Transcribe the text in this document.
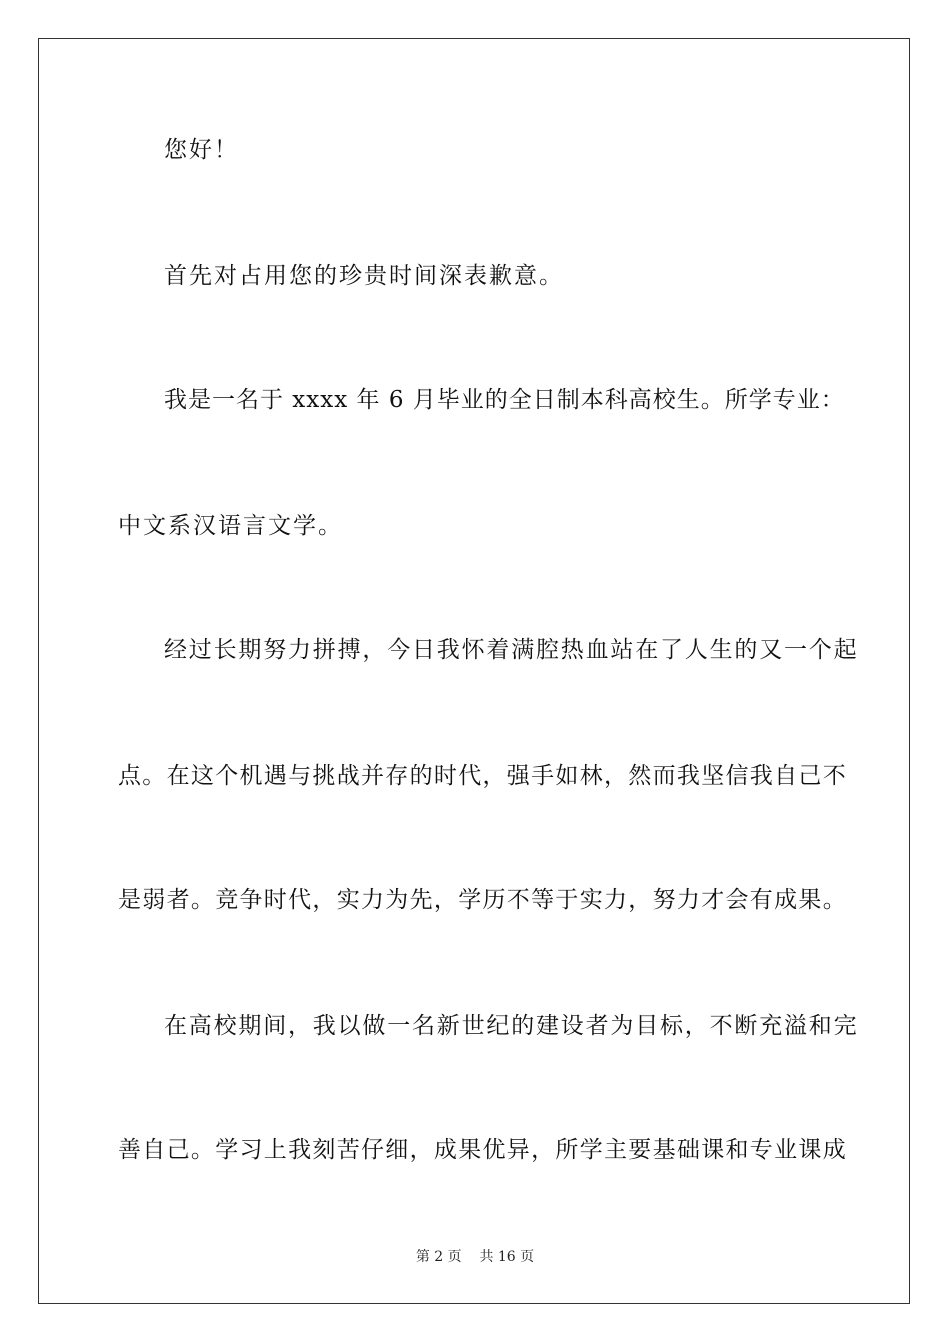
您好！
首先对占用您的珍贵时间深表歉意。
我是一名于 xxxx 年 6 月毕业的全日制本科高校生。所学专业：
中文系汉语言文学。
经过长期努力拼搏，今日我怀着满腔热血站在了人生的又一个起
点。在这个机遇与挑战并存的时代，强手如林，然而我坚信我自己不
是弱者。竞争时代，实力为先，学历不等于实力，努力才会有成果。
在高校期间，我以做一名新世纪的建设者为目标，不断充溢和完
善自己。学习上我刻苦仔细，成果优异，所学主要基础课和专业课成
第 2 页 共 16 页
